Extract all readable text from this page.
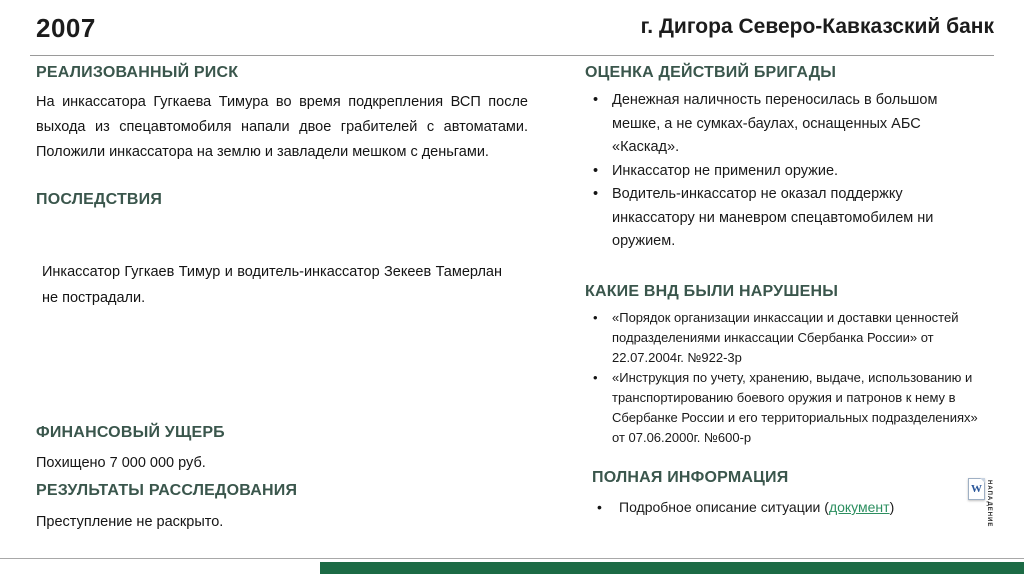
2007	г. Дигора Северо-Кавказский банк
РЕАЛИЗОВАННЫЙ РИСК
На инкассатора Гугкаева Тимура во время подкрепления ВСП после выхода из спецавтомобиля напали двое грабителей с автоматами. Положили инкассатора на землю и завладели мешком с деньгами.
ПОСЛЕДСТВИЯ
Инкассатор Гугкаев Тимур и водитель-инкассатор Зекеев Тамерлан не пострадали.
ФИНАНСОВЫЙ УЩЕРБ
Похищено 7 000 000 руб.
РЕЗУЛЬТАТЫ РАССЛЕДОВАНИЯ
Преступление не раскрыто.
ОЦЕНКА ДЕЙСТВИЙ БРИГАДЫ
• Денежная наличность переносилась в большом мешке, а не сумках-баулах, оснащенных АБС «Каскад».
• Инкассатор не применил оружие.
• Водитель-инкассатор не оказал поддержку инкассатору ни маневром спецавтомобилем ни оружием.
КАКИЕ ВНД БЫЛИ НАРУШЕНЫ
• «Порядок организации инкассации и доставки ценностей подразделениями инкассации Сбербанка России» от 22.07.2004г. №922-3р
• «Инструкция по учету, хранению, выдаче, использованию и транспортированию боевого оружия и патронов к нему в Сбербанке России и его территориальных подразделениях» от 07.06.2000г. №600-р
ПОЛНАЯ ИНФОРМАЦИЯ
• Подробное описание ситуации (документ)
W НАПАДЕНИЕ
